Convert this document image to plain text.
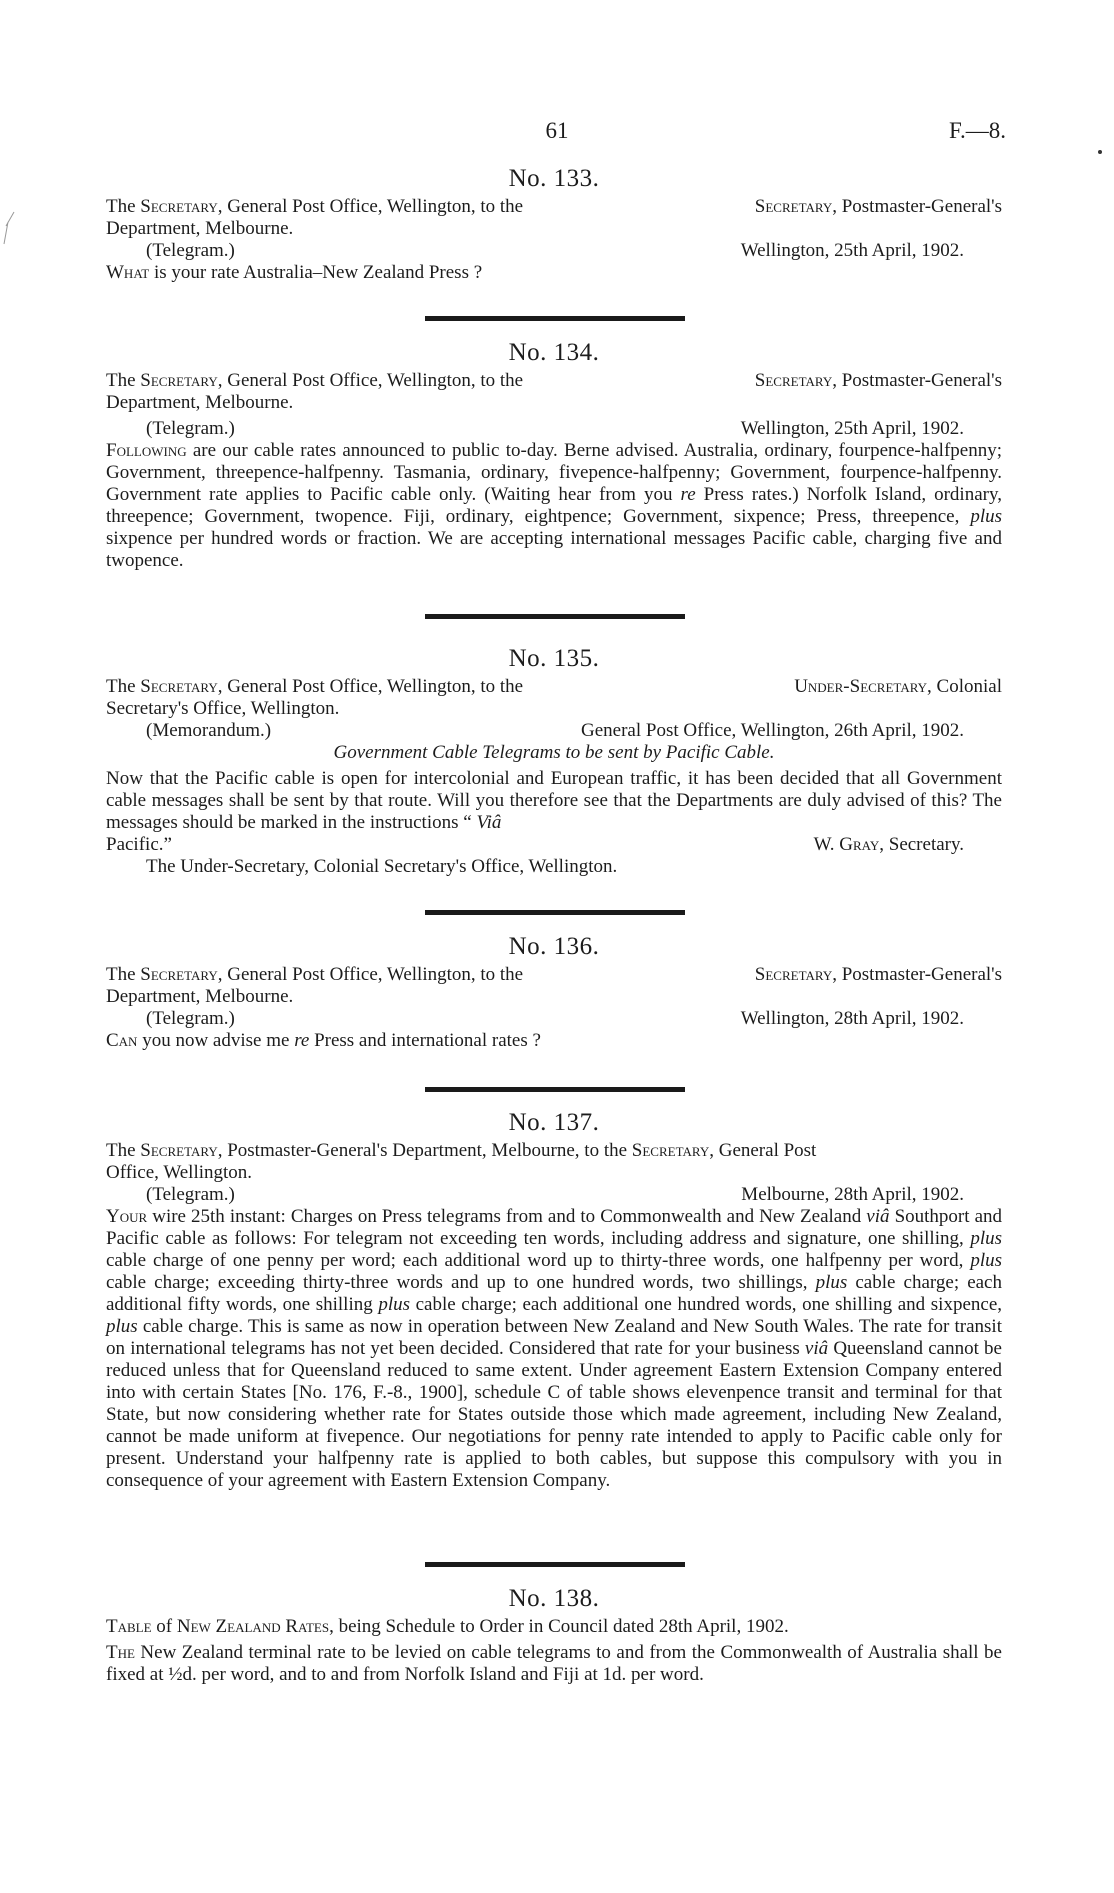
61	F.—8.
No. 133.
The Secretary, General Post Office, Wellington, to the	Secretary, Postmaster-General's
Department, Melbourne.
(Telegram.)	Wellington, 25th April, 1902.
What is your rate Australia–New Zealand Press ?
No. 134.
The Secretary, General Post Office, Wellington, to the	Secretary, Postmaster-General's
Department, Melbourne.
(Telegram.)	Wellington, 25th April, 1902.
Following are our cable rates announced to public to-day. Berne advised. Australia, ordinary, fourpence-halfpenny; Government, threepence-halfpenny. Tasmania, ordinary, fivepence-halfpenny; Government, fourpence-halfpenny. Government rate applies to Pacific cable only. (Waiting hear from you re Press rates.) Norfolk Island, ordinary, threepence; Government, twopence. Fiji, ordinary, eightpence; Government, sixpence; Press, threepence, plus sixpence per hundred words or fraction. We are accepting international messages Pacific cable, charging five and twopence.
No. 135.
The Secretary, General Post Office, Wellington, to the	Under-Secretary, Colonial
Secretary's Office, Wellington.
(Memorandum.)	General Post Office, Wellington, 26th April, 1902.
Government Cable Telegrams to be sent by Pacific Cable.
Now that the Pacific cable is open for intercolonial and European traffic, it has been decided that all Government cable messages shall be sent by that route. Will you therefore see that the Departments are duly advised of this? The messages should be marked in the instructions “ Viâ
Pacific.”	W. Gray, Secretary.
The Under-Secretary, Colonial Secretary's Office, Wellington.
No. 136.
The Secretary, General Post Office, Wellington, to the	Secretary, Postmaster-General's
Department, Melbourne.
(Telegram.)	Wellington, 28th April, 1902.
Can you now advise me re Press and international rates ?
No. 137.
The Secretary, Postmaster-General's Department, Melbourne, to the Secretary, General Post
Office, Wellington.
(Telegram.)	Melbourne, 28th April, 1902.
Your wire 25th instant: Charges on Press telegrams from and to Commonwealth and New Zealand viâ Southport and Pacific cable as follows: For telegram not exceeding ten words, including address and signature, one shilling, plus cable charge of one penny per word; each additional word up to thirty-three words, one halfpenny per word, plus cable charge; exceeding thirty-three words and up to one hundred words, two shillings, plus cable charge; each additional fifty words, one shilling plus cable charge; each additional one hundred words, one shilling and sixpence, plus cable charge. This is same as now in operation between New Zealand and New South Wales. The rate for transit on international telegrams has not yet been decided. Considered that rate for your business viâ Queensland cannot be reduced unless that for Queensland reduced to same extent. Under agreement Eastern Extension Company entered into with certain States [No. 176, F.-8., 1900], schedule C of table shows elevenpence transit and terminal for that State, but now considering whether rate for States outside those which made agreement, including New Zealand, cannot be made uniform at fivepence. Our negotiations for penny rate intended to apply to Pacific cable only for present. Understand your halfpenny rate is applied to both cables, but suppose this compulsory with you in consequence of your agreement with Eastern Extension Company.
No. 138.
Table of New Zealand Rates, being Schedule to Order in Council dated 28th April, 1902.
The New Zealand terminal rate to be levied on cable telegrams to and from the Commonwealth of Australia shall be fixed at ½d. per word, and to and from Norfolk Island and Fiji at 1d. per word.
